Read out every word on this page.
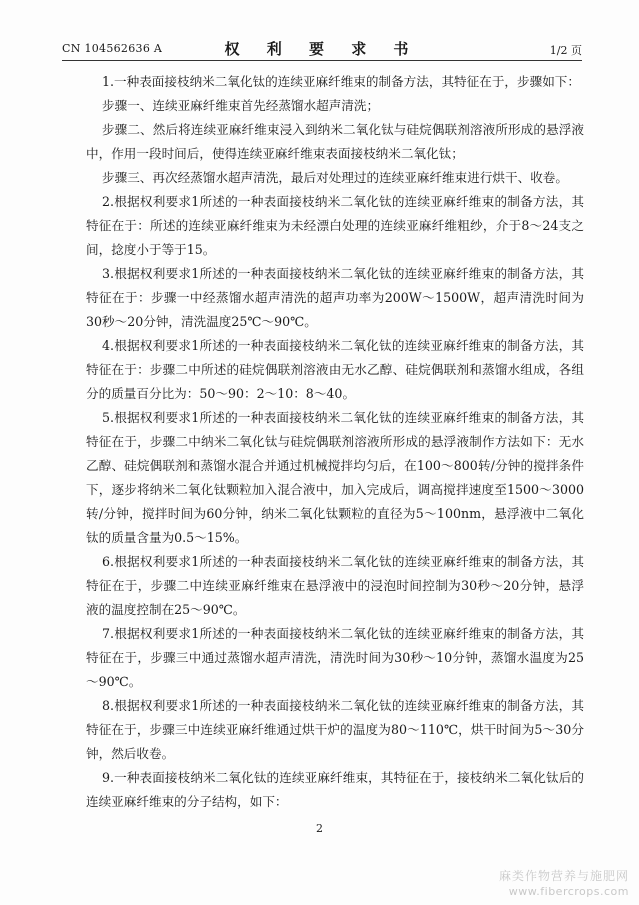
CN 104562636 A	权 利 要 求 书	1/2 页

1.一种表面接枝纳米二氧化钛的连续亚麻纤维束的制备方法，其特征在于，步骤如下：

步骤一、连续亚麻纤维束首先经蒸馏水超声清洗；

步骤二、然后将连续亚麻纤维束浸入到纳米二氧化钛与硅烷偶联剂溶液所形成的悬浮液中，作用一段时间后，使得连续亚麻纤维束表面接枝纳米二氧化钛；

步骤三、再次经蒸馏水超声清洗，最后对处理过的连续亚麻纤维束进行烘干、收卷。

2.根据权利要求1所述的一种表面接枝纳米二氧化钛的连续亚麻纤维束的制备方法，其特征在于：所述的连续亚麻纤维束为未经漂白处理的连续亚麻纤维粗纱，介于8～24支之间，捻度小于等于15。

3.根据权利要求1所述的一种表面接枝纳米二氧化钛的连续亚麻纤维束的制备方法，其特征在于：步骤一中经蒸馏水超声清洗的超声功率为200W～1500W，超声清洗时间为30秒～20分钟，清洗温度25℃～90℃。

4.根据权利要求1所述的一种表面接枝纳米二氧化钛的连续亚麻纤维束的制备方法，其特征在于：步骤二中所述的硅烷偶联剂溶液由无水乙醇、硅烷偶联剂和蒸馏水组成，各组分的质量百分比为：50～90：2～10：8～40。

5.根据权利要求1所述的一种表面接枝纳米二氧化钛的连续亚麻纤维束的制备方法，其特征在于，步骤二中纳米二氧化钛与硅烷偶联剂溶液所形成的悬浮液制作方法如下：无水乙醇、硅烷偶联剂和蒸馏水混合并通过机械搅拌均匀后，在100～800转/分钟的搅拌条件下，逐步将纳米二氧化钛颗粒加入混合液中，加入完成后，调高搅拌速度至1500～3000转/分钟，搅拌时间为60分钟，纳米二氧化钛颗粒的直径为5～100nm，悬浮液中二氧化钛的质量含量为0.5～15%。

6.根据权利要求1所述的一种表面接枝纳米二氧化钛的连续亚麻纤维束的制备方法，其特征在于，步骤二中连续亚麻纤维束在悬浮液中的浸泡时间控制为30秒～20分钟，悬浮液的温度控制在25～90℃。

7.根据权利要求1所述的一种表面接枝纳米二氧化钛的连续亚麻纤维束的制备方法，其特征在于，步骤三中通过蒸馏水超声清洗，清洗时间为30秒～10分钟，蒸馏水温度为25～90℃。

8.根据权利要求1所述的一种表面接枝纳米二氧化钛的连续亚麻纤维束的制备方法，其特征在于，步骤三中连续亚麻纤维通过烘干炉的温度为80～110℃，烘干时间为5～30分钟，然后收卷。

9.一种表面接枝纳米二氧化钛的连续亚麻纤维束，其特征在于，接枝纳米二氧化钛后的连续亚麻纤维束的分子结构，如下：

2
麻类作物营养与施肥网
www.fibercrops.com
